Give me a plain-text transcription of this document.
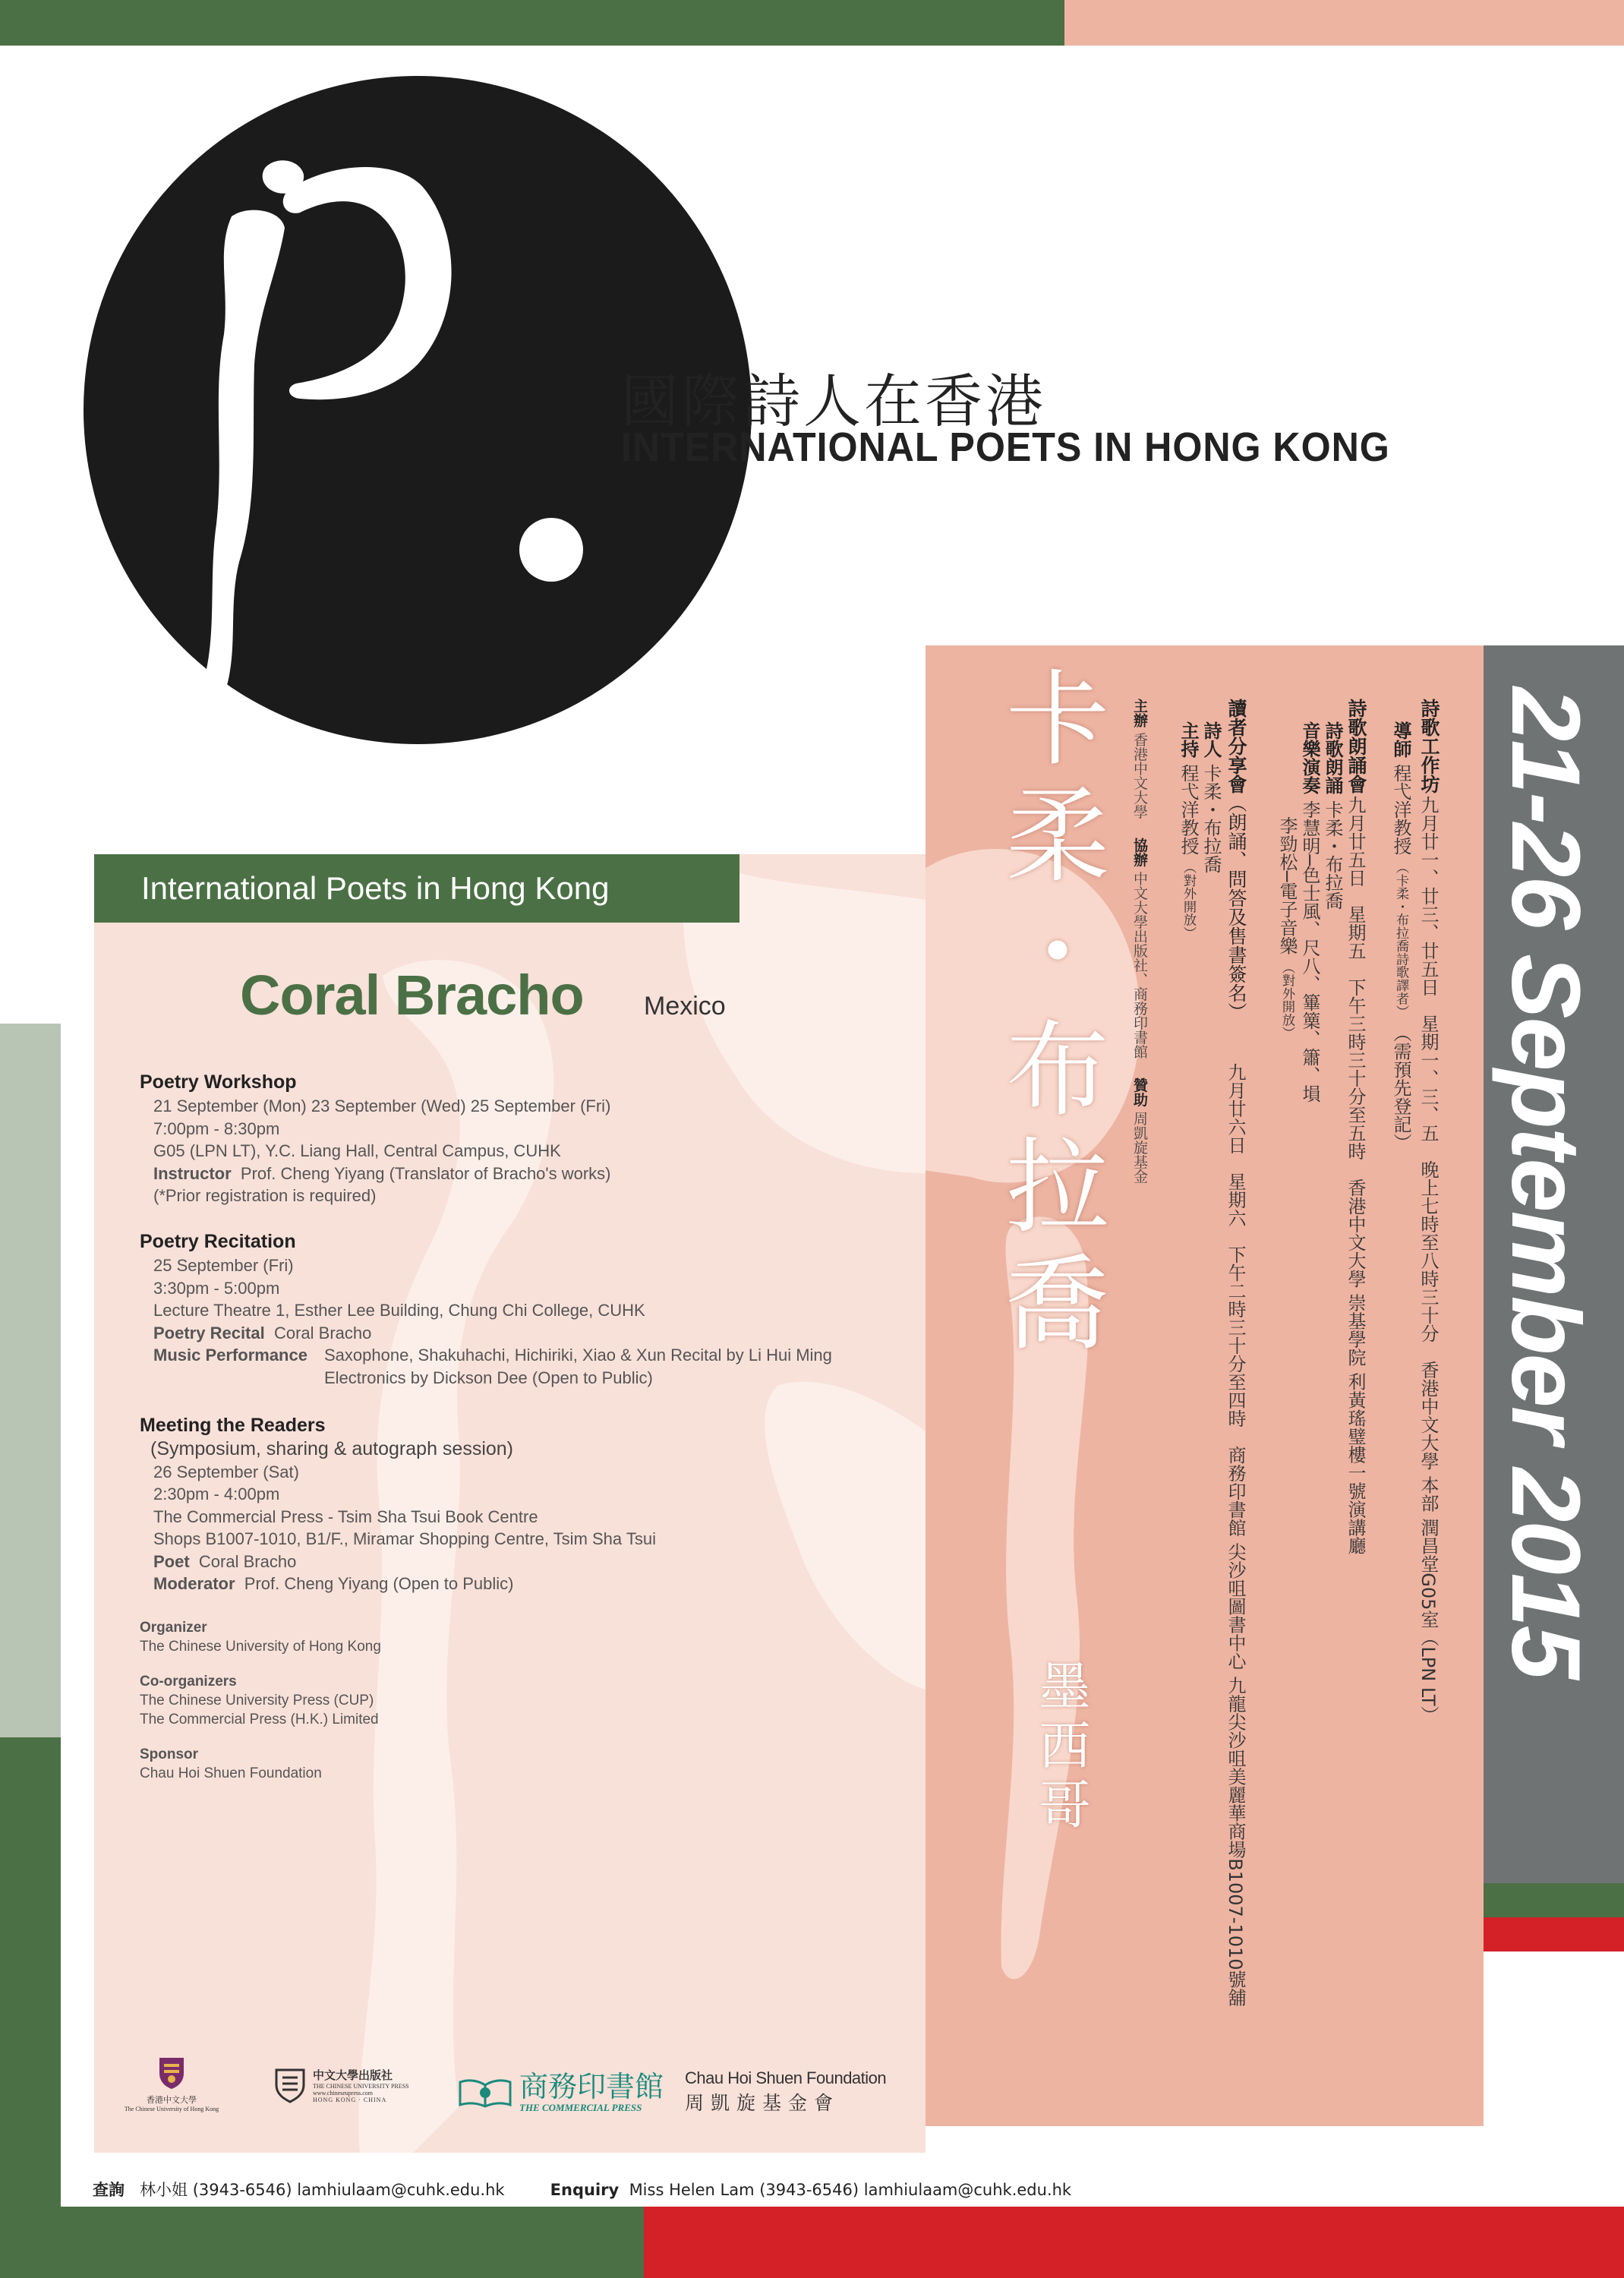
國際詩人在香港
INTERNATIONAL POETS IN HONG KONG
21-26 September 2015
卡柔・布拉喬
墨西哥
詩歌工作坊
九月廿一、廿三、廿五日　星期一、三、五　晚上七時至八時三十分　香港中文大學 本部 潤昌堂G05室（LPN LT）
導師 程弋洋教授 （卡柔・布拉喬詩歌譯者） （需預先登記）
詩歌朗誦會
九月廿五日　星期五　下午三時三十分至五時　香港中文大學 崇基學院 利黃瑤璧樓一號演講廳
詩歌朗誦 卡柔・布拉喬
音樂演奏 李慧明─色士風、尺八、篳篥、簫、塤
李勁松─電子音樂 （對外開放）
讀者分享會（朗誦、問答及售書簽名）
九月廿六日　星期六　下午二時三十分至四時　商務印書館 尖沙咀圖書中心 九龍尖沙咀美麗華商場B1007-1010號舖
詩人 卡柔・布拉喬
主持 程弋洋教授 （對外開放）
主辦 香港中文大學　 協辦 中文大學出版社、商務印書館　 贊助 周凱旋基金
International Poets in Hong Kong
Coral Bracho Mexico

Poetry Workshop

21 September (Mon) 23 September (Wed) 25 September (Fri)

7:00pm - 8:30pm

G05 (LPN LT), Y.C. Liang Hall, Central Campus, CUHK

Instructor Prof. Cheng Yiyang (Translator of Bracho's works)

(*Prior registration is required)

Poetry Recitation

25 September (Fri)

3:30pm - 5:00pm

Lecture Theatre 1, Esther Lee Building, Chung Chi College, CUHK

Poetry Recital Coral Bracho

Music Performance	Saxophone, Shakuhachi, Hichiriki, Xiao & Xun Recital by Li Hui Ming
Electronics by Dickson Dee (Open to Public)

Meeting the Readers

(Symposium, sharing & autograph session)

26 September (Sat)

2:30pm - 4:00pm

The Commercial Press - Tsim Sha Tsui Book Centre

Shops B1007-1010, B1/F., Miramar Shopping Centre, Tsim Sha Tsui

Poet Coral Bracho

Moderator Prof. Cheng Yiyang (Open to Public)

Organizer

The Chinese University of Hong Kong

Co-organizers

The Chinese University Press (CUP)

The Commercial Press (H.K.) Limited

Sponsor

Chau Hoi Shuen Foundation

香港中文大學
The Chinese University of Hong Kong
中文大學出版社
THE CHINESE UNIVERSITY PRESS
www.chineseupress.com
HONG KONG · CHINA	商務印書館
THE COMMERCIAL PRESS
Chau Hoi Shuen Foundation
周凱旋基金會
查詢 林小姐 (3943-6546) lamhiulaam@cuhk.edu.hk	Enquiry Miss Helen Lam (3943-6546) lamhiulaam@cuhk.edu.hk
